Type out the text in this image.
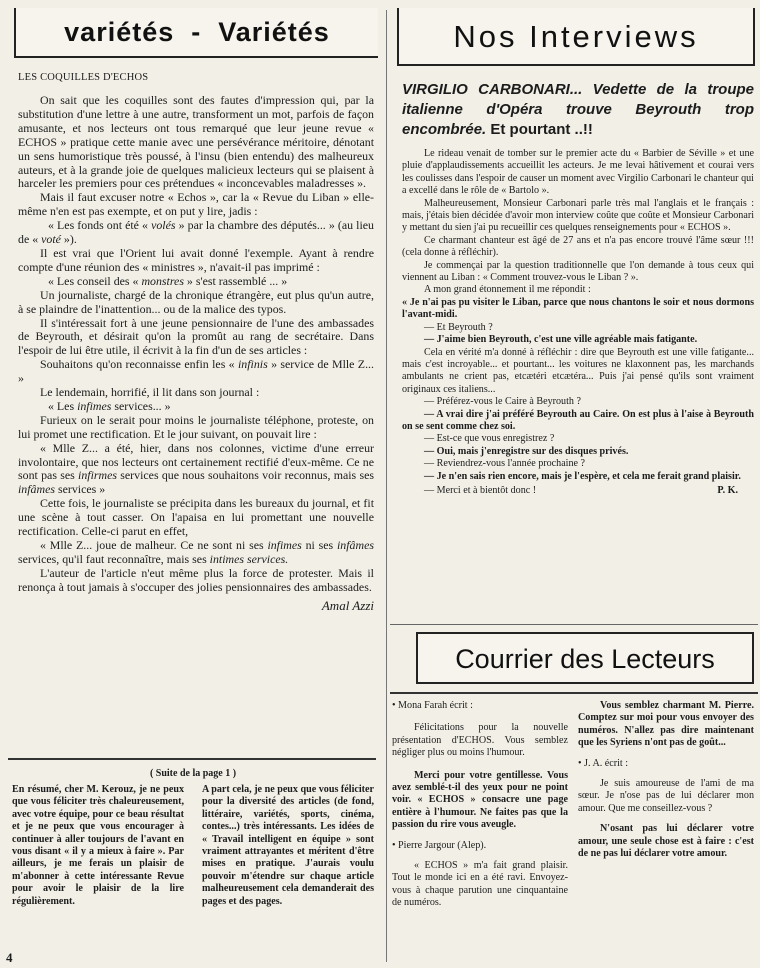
variétés  -  Variétés

LES COQUILLES D'ECHOS

On sait que les coquilles sont des fautes d'impression qui, par la substitution d'une lettre à une autre, transforment un mot, parfois de façon amusante, et nos lecteurs ont tous remarqué que leur jeune revue « ECHOS » pratique cette manie avec une persévérance méritoire, dénotant un sens humoristique très poussé, à l'insu (bien entendu) des malheureux auteurs, et à la grande joie de quelques malicieux lecteurs qui se plaisent à harceler les premiers pour ces prétendues « inconcevables maladresses ».

Mais il faut excuser notre « Echos », car la « Revue du Liban » elle-même n'en est pas exempte, et on put y lire, jadis :

« Les fonds ont été « volés » par la chambre des députés... » (au lieu de « voté »).

Il est vrai que l'Orient lui avait donné l'exemple. Ayant à rendre compte d'une réunion des « ministres », n'avait-il pas imprimé :

« Les conseil des « monstres » s'est rassemblé ... »

Un journaliste, chargé de la chronique étrangère, eut plus qu'un autre, à se plaindre de l'inattention... ou de la malice des typos.

Il s'intéressait fort à une jeune pensionnaire de l'une des ambassades de Beyrouth, et désirait qu'on la promût au rang de secrétaire. Dans l'espoir de lui être utile, il écrivit à la fin d'un de ses articles :

Souhaitons qu'on reconnaisse enfin les « infinis » service de Mlle Z... »

Le lendemain, horrifié, il lit dans son journal :

« Les infimes services... »

Furieux on le serait pour moins le journaliste téléphone, proteste, on lui promet une rectification. Et le jour suivant, on pouvait lire :

« Mlle Z... a été, hier, dans nos colonnes, victime d'une erreur involontaire, que nos lecteurs ont certainement rectifié d'eux-même. Ce ne sont pas ses infirmes services que nous souhaitons voir reconnus, mais ses infâmes services »

Cette fois, le journaliste se précipita dans les bureaux du journal, et fit une scène à tout casser. On l'apaisa en lui promettant une nouvelle rectification. Celle-ci parut en effet,

« Mlle Z... joue de malheur. Ce ne sont ni ses infimes ni ses infâmes services, qu'il faut reconnaître, mais ses intimes services.

L'auteur de l'article n'eut même plus la force de protester. Mais il renonça à tout jamais à s'occuper des jolies pensionnaires des ambassades.

Amal Azzi

( Suite de la page 1 )

En résumé, cher M. Kerouz, je ne peux que vous féliciter très chaleureusement, avec votre équipe, pour ce beau résultat et je ne peux que vous encourager à continuer à aller toujours de l'avant en vous disant « il y a mieux à faire ». Par ailleurs, je me ferais un plaisir de m'abonner à cette intéressante Revue pour avoir le plaisir de la lire régulièrement.

A part cela, je ne peux que vous féliciter pour la diversité des articles (de fond, littéraire, variétés, sports, cinéma, contes...) très intéressants. Les idées de « Travail intelligent en équipe » sont vraiment attrayantes et méritent d'être mises en pratique. J'aurais voulu pouvoir m'étendre sur chaque article malheureusement cela demanderait des pages et des pages.

4

Nos Interviews

VIRGILIO CARBONARI... Vedette de la troupe italienne d'Opéra trouve Beyrouth trop encombrée. Et pourtant ..!!

Le rideau venait de tomber sur le premier acte du « Barbier de Séville » et une pluie d'applaudissements accueillit les acteurs. Je me levai hâtivement et courai vers les coulisses dans l'espoir de causer un moment avec Virgilio Carbonari le chanteur qui a excellé dans le rôle de « Bartolo ».

Malheureusement, Monsieur Carbonari parle très mal l'anglais et le français : mais, j'étais bien décidée d'avoir mon interview coûte que coûte et Monsieur Carbonari y mettant du sien j'ai pu recueillir ces quelques renseignements pour « ECHOS ».

Ce charmant chanteur est âgé de 27 ans et n'a pas encore trouvé l'âme sœur !!! (cela donne à réfléchir).

Je commençai par la question traditionnelle que l'on demande à tous ceux qui viennent au Liban : « Comment trouvez-vous le Liban ? ».

A mon grand étonnement il me répondit :

« Je n'ai pas pu visiter le Liban, parce que nous chantons le soir et nous dormons l'avant-midi.

— Et Beyrouth ?

— J'aime bien Beyrouth, c'est une ville agréable mais fatigante.

Cela en vérité m'a donné à réfléchir : dire que Beyrouth est une ville fatigante... mais c'est incroyable... et pourtant... les voitures ne klaxonnent pas, les marchands ambulants ne crient pas, etcætéri etcætéra... Puis j'ai pensé qu'ils sont vraiment originaux ces italiens...

— Préférez-vous le Caire à Beyrouth ?

— A vrai dire j'ai préféré Beyrouth au Caire. On est plus à l'aise à Beyrouth on se sent comme chez soi.

— Est-ce que vous enregistrez ?

— Oui, mais j'enregistre sur des disques privés.

— Reviendrez-vous l'année prochaine ?

— Je n'en sais rien encore, mais je l'espère, et cela me ferait grand plaisir.

— Merci et à bientôt donc !	P. K.

Courrier des Lecteurs

• Mona Farah écrit :

Félicitations pour la nouvelle présentation d'ECHOS. Vous semblez négliger plus ou moins l'humour.

Merci pour votre gentillesse. Vous avez semblé-t-il des yeux pour ne point voir. « ECHOS » consacre une page entière à l'humour. Ne faites pas que la passion du rire vous aveugle.

• Pierre Jargour (Alep).

« ECHOS » m'a fait grand plaisir. Tout le monde ici en a été ravi. Envoyez-vous à chaque parution une cinquantaine de numéros.

Vous semblez charmant M. Pierre. Comptez sur moi pour vous envoyer des numéros. N'allez pas dire maintenant que les Syriens n'ont pas de goût...

• J. A. écrit :

Je suis amoureuse de l'ami de ma sœur. Je n'ose pas de lui déclarer mon amour. Que me conseillez-vous ?

N'osant pas lui déclarer votre amour, une seule chose est à faire : c'est de ne pas lui déclarer votre amour.
